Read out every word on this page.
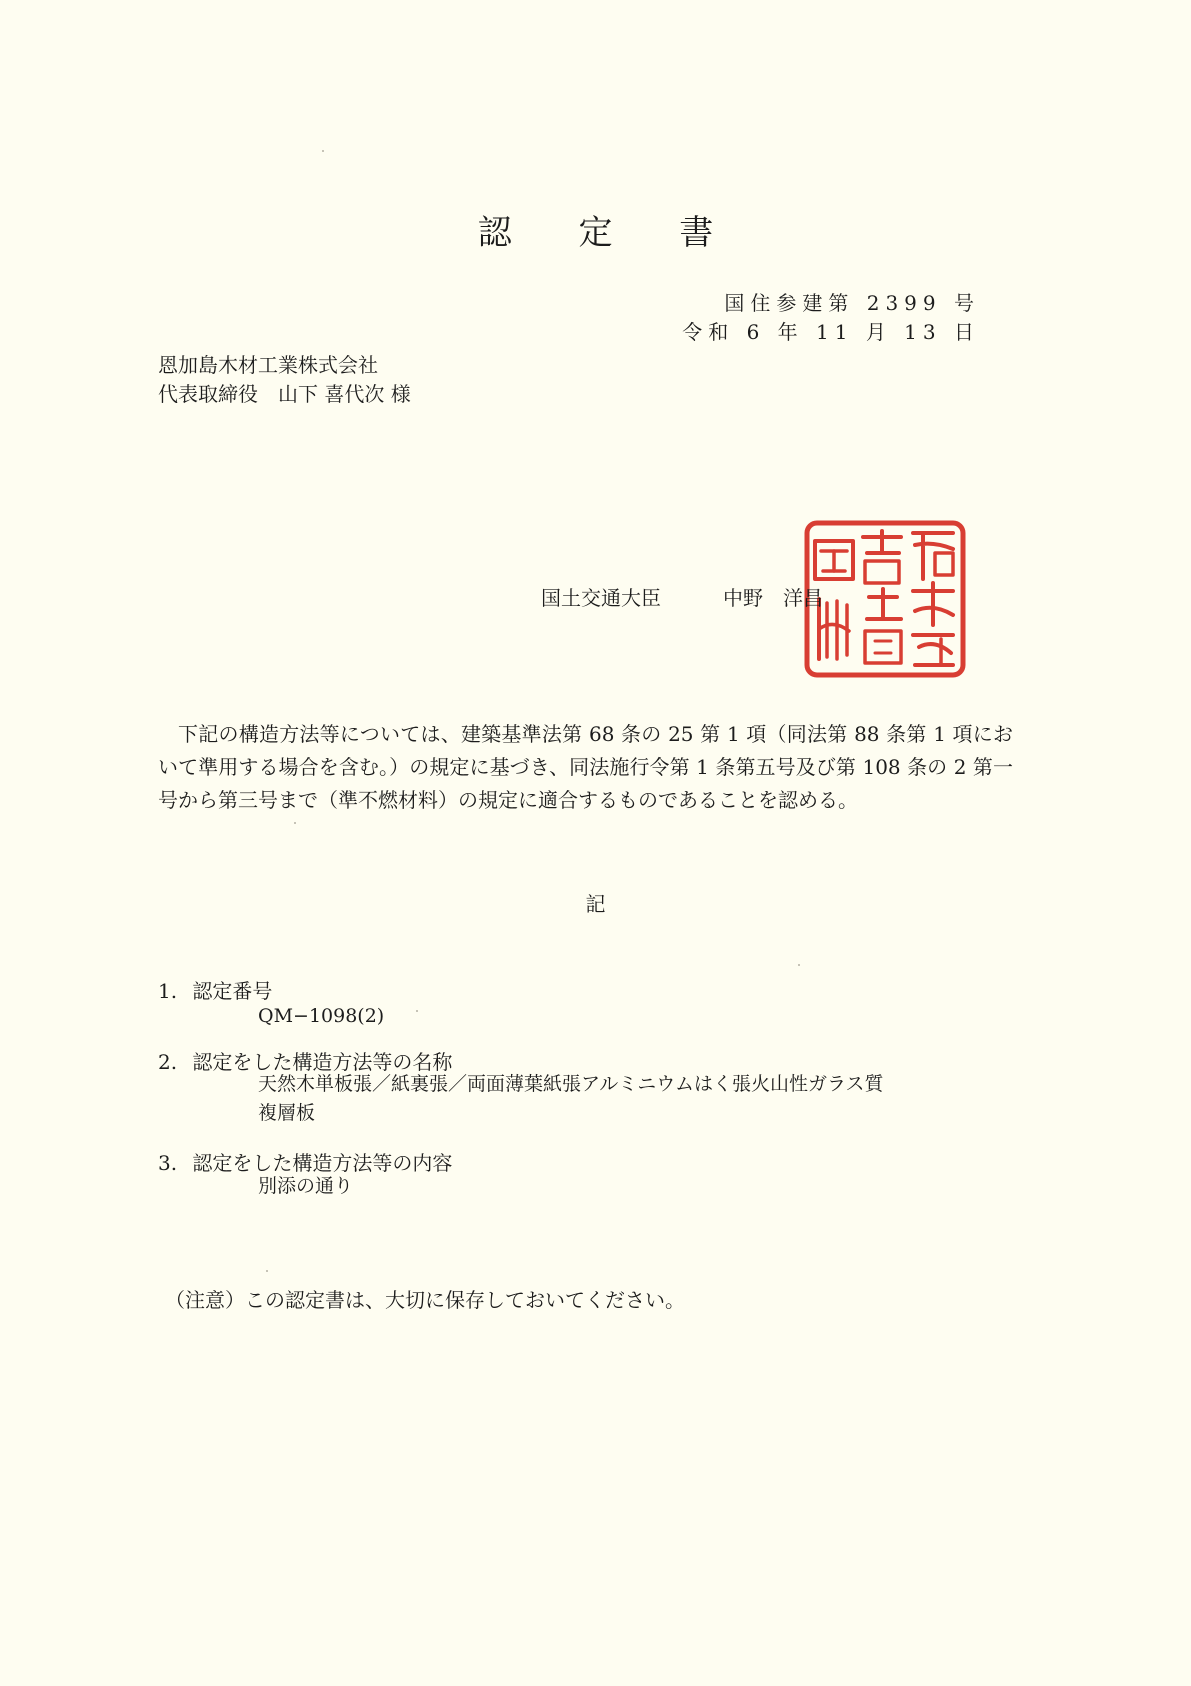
認 定 書
国住参建第 2399 号
令和 6 年 11 月 13 日
恩加島木材工業株式会社
代表取締役　山下 喜代次 様
国土交通大臣	中野　洋昌
下記の構造方法等については、建築基準法第 68 条の 25 第 1 項（同法第 88 条第 1 項において準用する場合を含む。）の規定に基づき、同法施行令第 1 条第五号及び第 108 条の 2 第一号から第三号まで（準不燃材料）の規定に適合するものであることを認める。
記
1. 認定番号
QM−1098(2)
2. 認定をした構造方法等の名称
天然木単板張／紙裏張／両面薄葉紙張アルミニウムはく張火山性ガラス質
複層板
3. 認定をした構造方法等の内容
別添の通り
（注意）この認定書は、大切に保存しておいてください。
